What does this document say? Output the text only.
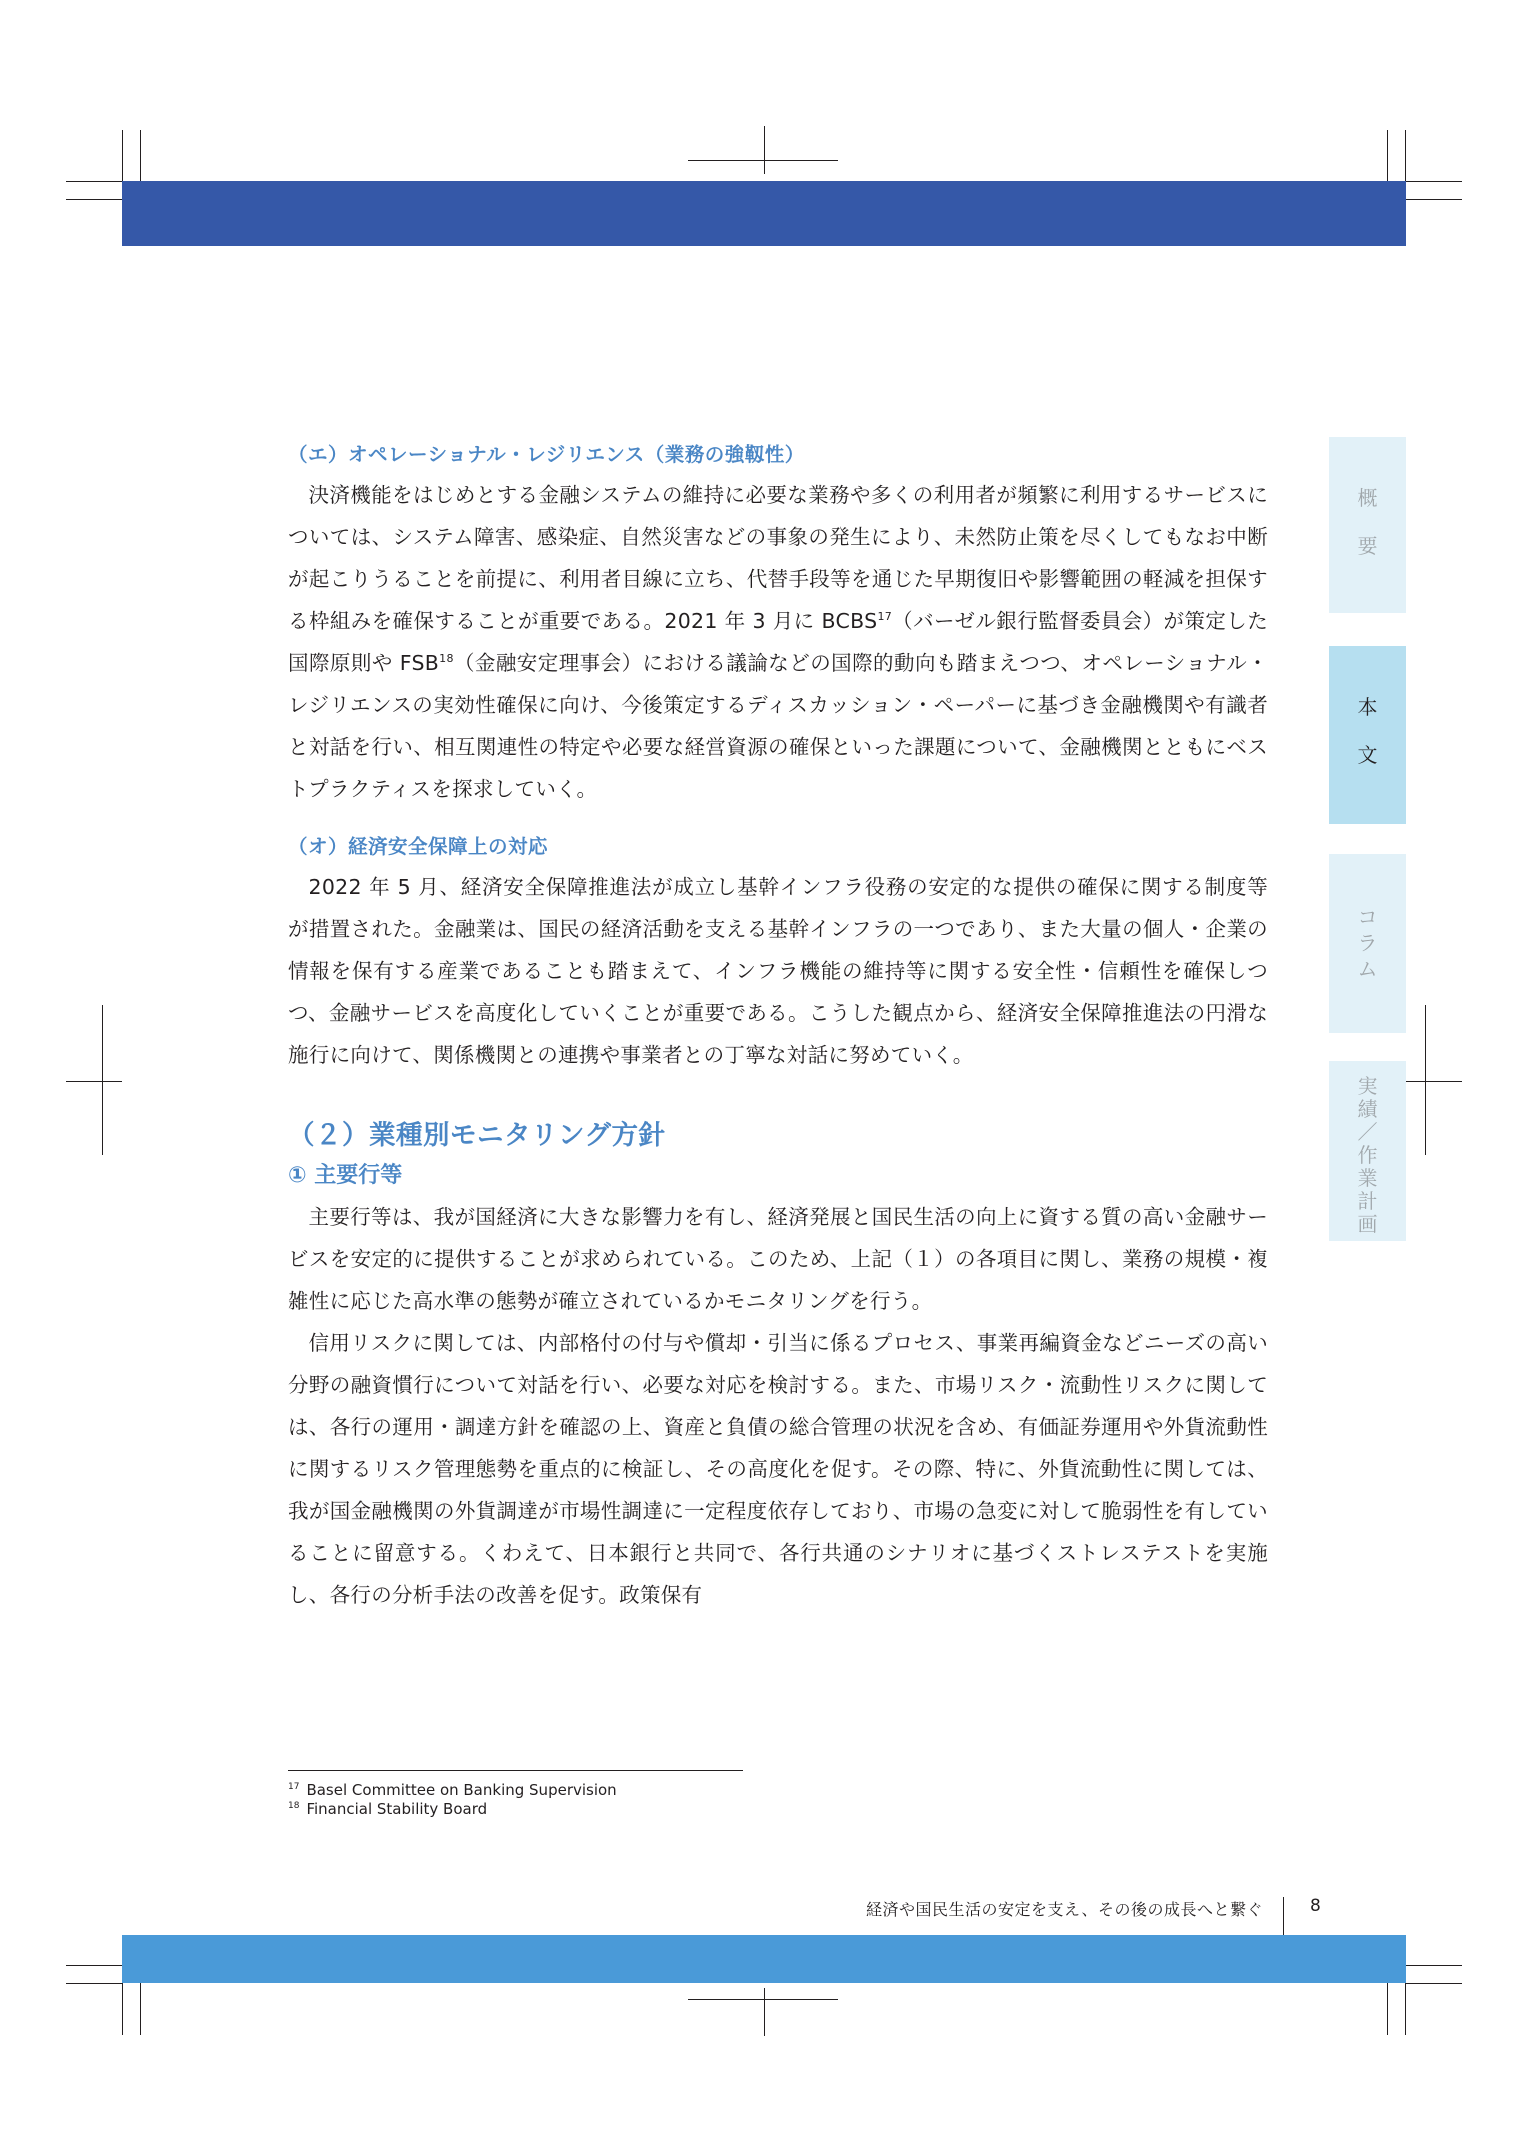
概
要
本
文
コ
ラ
ム
実
績
／
作
業
計
画
（エ）オペレーショナル・レジリエンス（業務の強靱性）

決済機能をはじめとする金融システムの維持に必要な業務や多くの利用者が頻繁に利用するサービスについては、システム障害、感染症、自然災害などの事象の発生により、未然防止策を尽くしてもなお中断が起こりうることを前提に、利用者目線に立ち、代替手段等を通じた早期復旧や影響範囲の軽減を担保する枠組みを確保することが重要である。2021 年 3 月に BCBS$^{17}$（バーゼル銀行監督委員会）が策定した国際原則や FSB$^{18}$（金融安定理事会）における議論などの国際的動向も踏まえつつ、オペレーショナル・レジリエンスの実効性確保に向け、今後策定するディスカッション・ペーパーに基づき金融機関や有識者と対話を行い、相互関連性の特定や必要な経営資源の確保といった課題について、金融機関とともにベストプラクティスを探求していく。

（オ）経済安全保障上の対応

2022 年 5 月、経済安全保障推進法が成立し基幹インフラ役務の安定的な提供の確保に関する制度等が措置された。金融業は、国民の経済活動を支える基幹インフラの一つであり、また大量の個人・企業の情報を保有する産業であることも踏まえて、インフラ機能の維持等に関する安全性・信頼性を確保しつつ、金融サービスを高度化していくことが重要である。こうした観点から、経済安全保障推進法の円滑な施行に向けて、関係機関との連携や事業者との丁寧な対話に努めていく。

（２）業種別モニタリング方針
① 主要行等

主要行等は、我が国経済に大きな影響力を有し、経済発展と国民生活の向上に資する質の高い金融サービスを安定的に提供することが求められている。このため、上記（１）の各項目に関し、業務の規模・複雑性に応じた高水準の態勢が確立されているかモニタリングを行う。

信用リスクに関しては、内部格付の付与や償却・引当に係るプロセス、事業再編資金などニーズの高い分野の融資慣行について対話を行い、必要な対応を検討する。また、市場リスク・流動性リスクに関しては、各行の運用・調達方針を確認の上、資産と負債の総合管理の状況を含め、有価証券運用や外貨流動性に関するリスク管理態勢を重点的に検証し、その高度化を促す。その際、特に、外貨流動性に関しては、我が国金融機関の外貨調達が市場性調達に一定程度依存しており、市場の急変に対して脆弱性を有していることに留意する。くわえて、日本銀行と共同で、各行共通のシナリオに基づくストレステストを実施し、各行の分析手法の改善を促す。政策保有

$^{17}$ Basel Committee on Banking Supervision
$^{18}$ Financial Stability Board
経済や国民生活の安定を支え、その後の成長へと繋ぐ	8
